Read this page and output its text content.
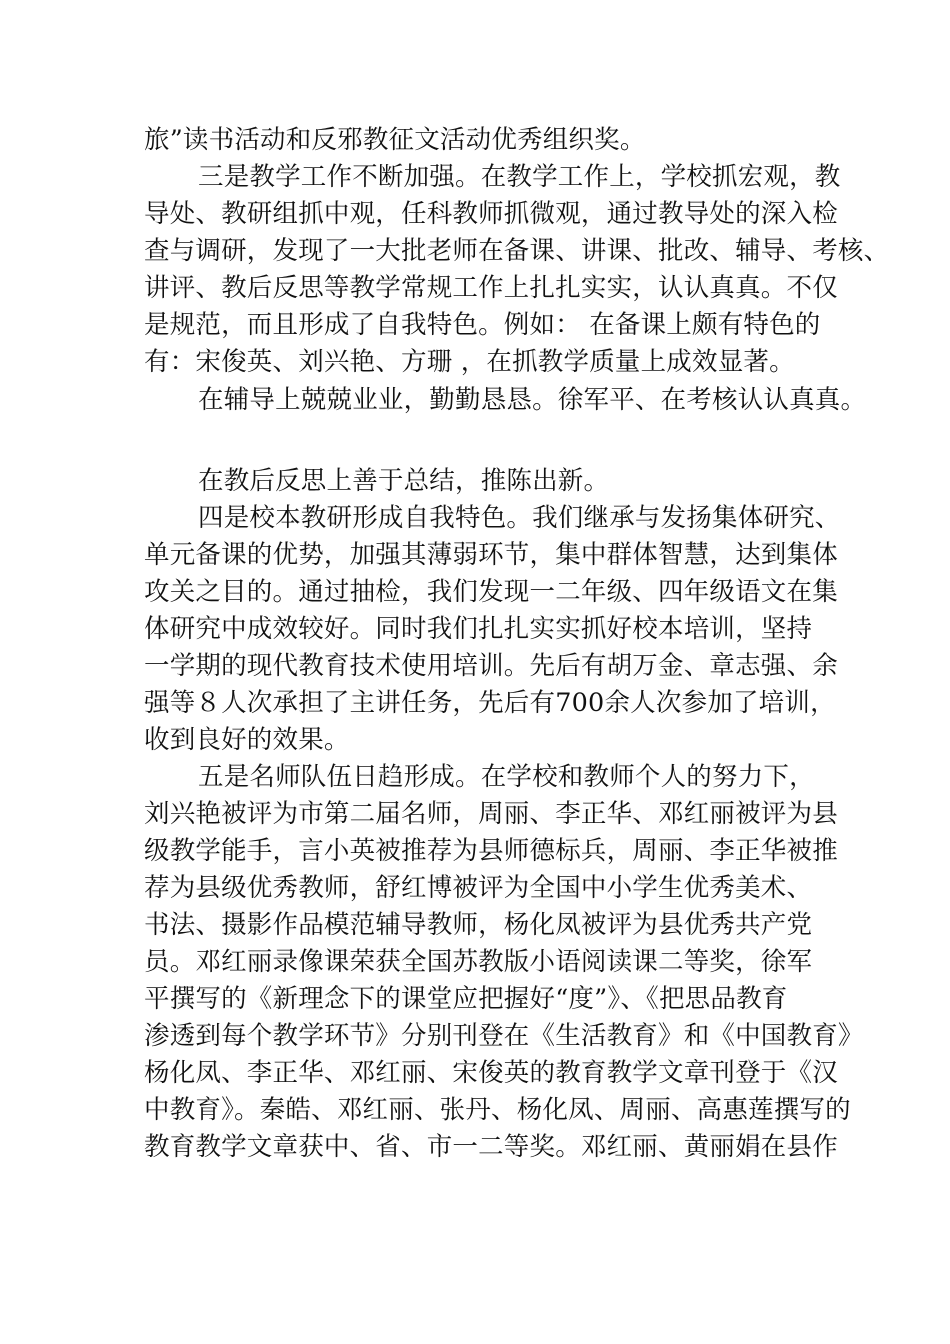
旅”读书活动和反邪教征文活动优秀组织奖。
三是教学工作不断加强。在教学工作上，学校抓宏观，教
导处、教研组抓中观，任科教师抓微观，通过教导处的深入检
查与调研，发现了一大批老师在备课、讲课、批改、辅导、考核、
讲评、教后反思等教学常规工作上扎扎实实，认认真真。不仅
是规范，而且形成了自我特色。例如： 在备课上颇有特色的
有：宋俊英、刘兴艳、方珊 ，在抓教学质量上成效显著。
在辅导上兢兢业业，勤勤恳恳。徐军平、在考核认认真真。
在教后反思上善于总结，推陈出新。
四是校本教研形成自我特色。我们继承与发扬集体研究、
单元备课的优势，加强其薄弱环节，集中群体智慧，达到集体
攻关之目的。通过抽检，我们发现一二年级、四年级语文在集
体研究中成效较好。同时我们扎扎实实抓好校本培训，坚持
一学期的现代教育技术使用培训。先后有胡万金、章志强、余
强等８人次承担了主讲任务，先后有700余人次参加了培训，
收到良好的效果。
五是名师队伍日趋形成。在学校和教师个人的努力下，
刘兴艳被评为市第二届名师，周丽、李正华、邓红丽被评为县
级教学能手，言小英被推荐为县师德标兵，周丽、李正华被推
荐为县级优秀教师，舒红博被评为全国中小学生优秀美术、
书法、摄影作品模范辅导教师，杨化凤被评为县优秀共产党
员。邓红丽录像课荣获全国苏教版小语阅读课二等奖，徐军
平撰写的《新理念下的课堂应把握好“度”》、《把思品教育
渗透到每个教学环节》分别刊登在《生活教育》和《中国教育》
杨化凤、李正华、邓红丽、宋俊英的教育教学文章刊登于《汉
中教育》。秦皓、邓红丽、张丹、杨化凤、周丽、高惠莲撰写的
教育教学文章获中、省、市一二等奖。邓红丽、黄丽娟在县作
